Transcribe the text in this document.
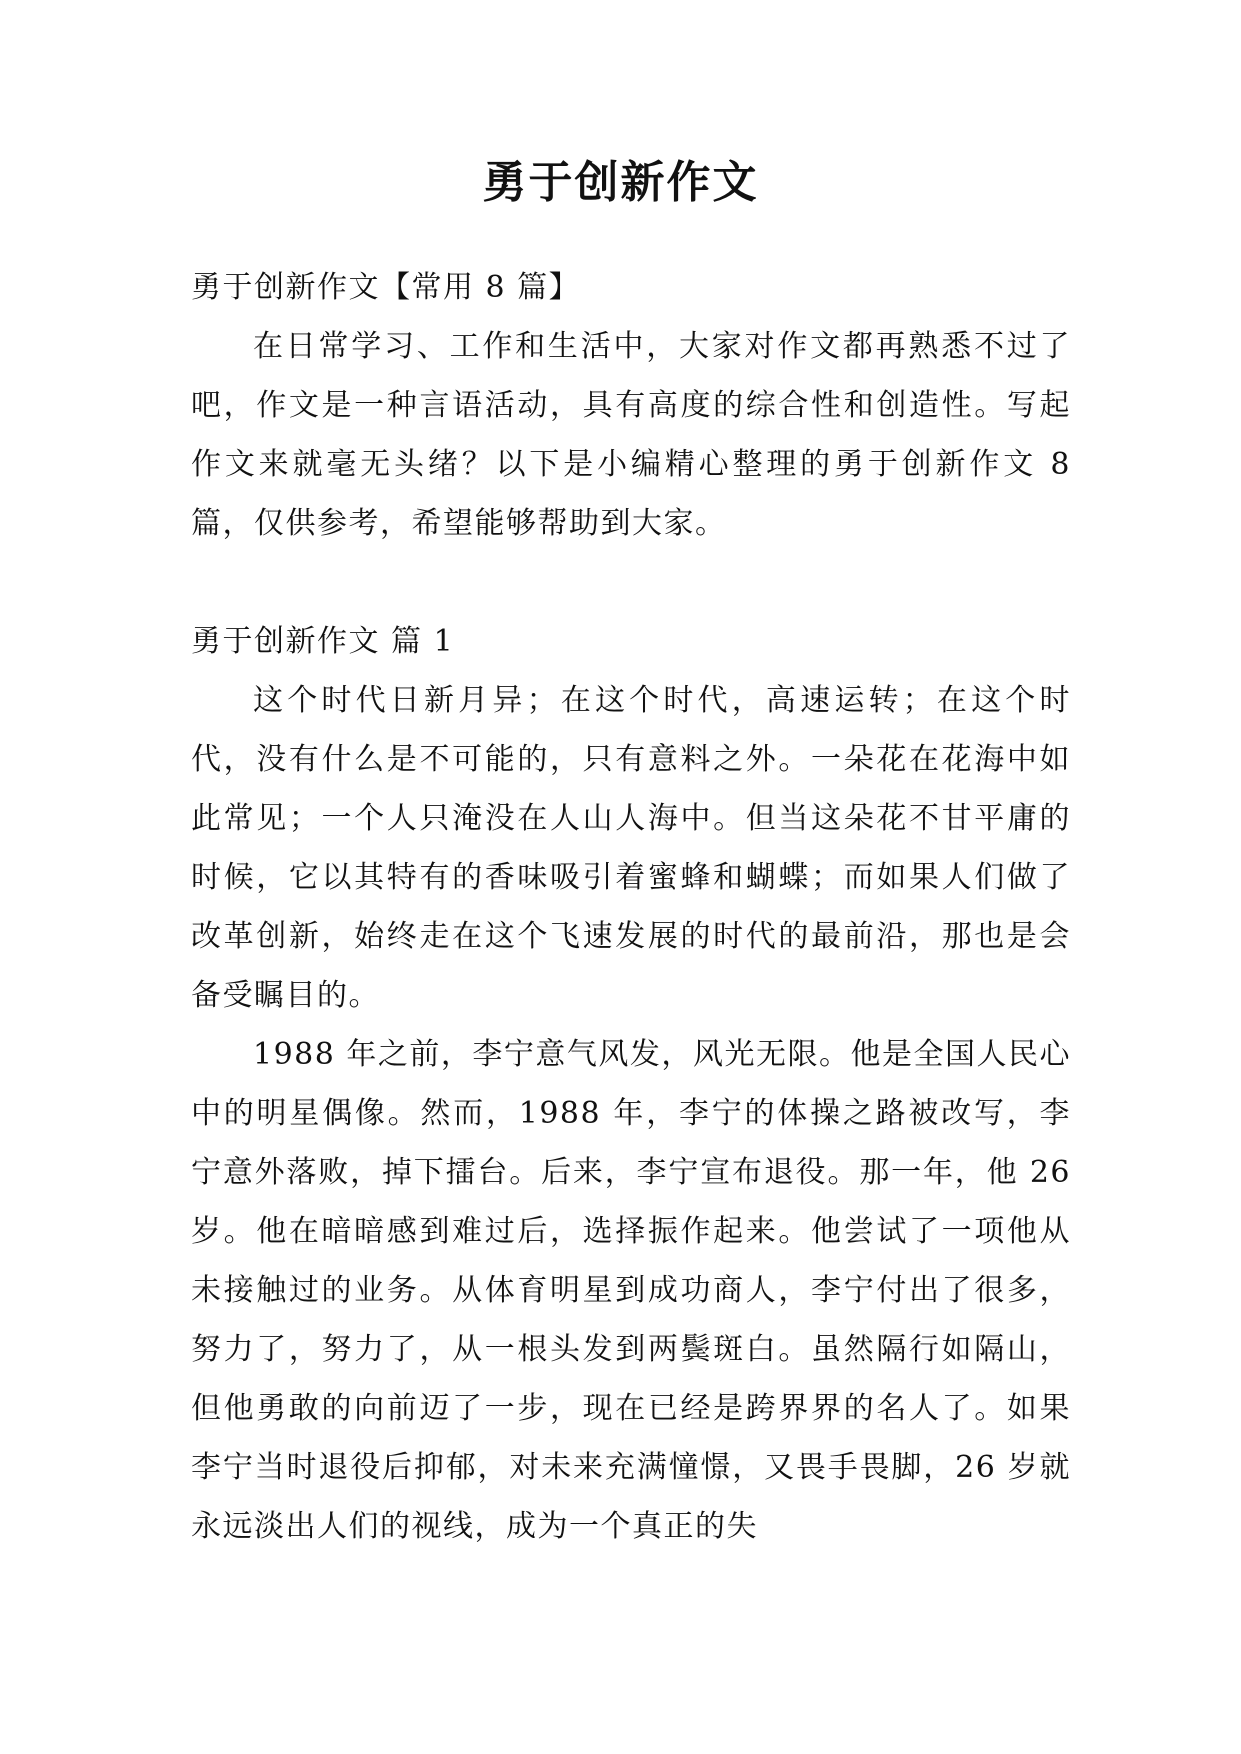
勇于创新作文

勇于创新作文【常用 8 篇】

在日常学习、工作和生活中，大家对作文都再熟悉不过了吧，作文是一种言语活动，具有高度的综合性和创造性。写起作文来就毫无头绪？以下是小编精心整理的勇于创新作文 8 篇，仅供参考，希望能够帮助到大家。

勇于创新作文 篇 1

这个时代日新月异；在这个时代，高速运转；在这个时代，没有什么是不可能的，只有意料之外。一朵花在花海中如此常见；一个人只淹没在人山人海中。但当这朵花不甘平庸的时候，它以其特有的香味吸引着蜜蜂和蝴蝶；而如果人们做了改革创新，始终走在这个飞速发展的时代的最前沿，那也是会备受瞩目的。

1988 年之前，李宁意气风发，风光无限。他是全国人民心中的明星偶像。然而，1988 年，李宁的体操之路被改写，李宁意外落败，掉下擂台。后来，李宁宣布退役。那一年，他 26 岁。他在暗暗感到难过后，选择振作起来。他尝试了一项他从未接触过的业务。从体育明星到成功商人，李宁付出了很多，努力了，努力了，从一根头发到两鬓斑白。虽然隔行如隔山，但他勇敢的向前迈了一步，现在已经是跨界界的名人了。如果李宁当时退役后抑郁，对未来充满憧憬，又畏手畏脚，26 岁就永远淡出人们的视线，成为一个真正的失
